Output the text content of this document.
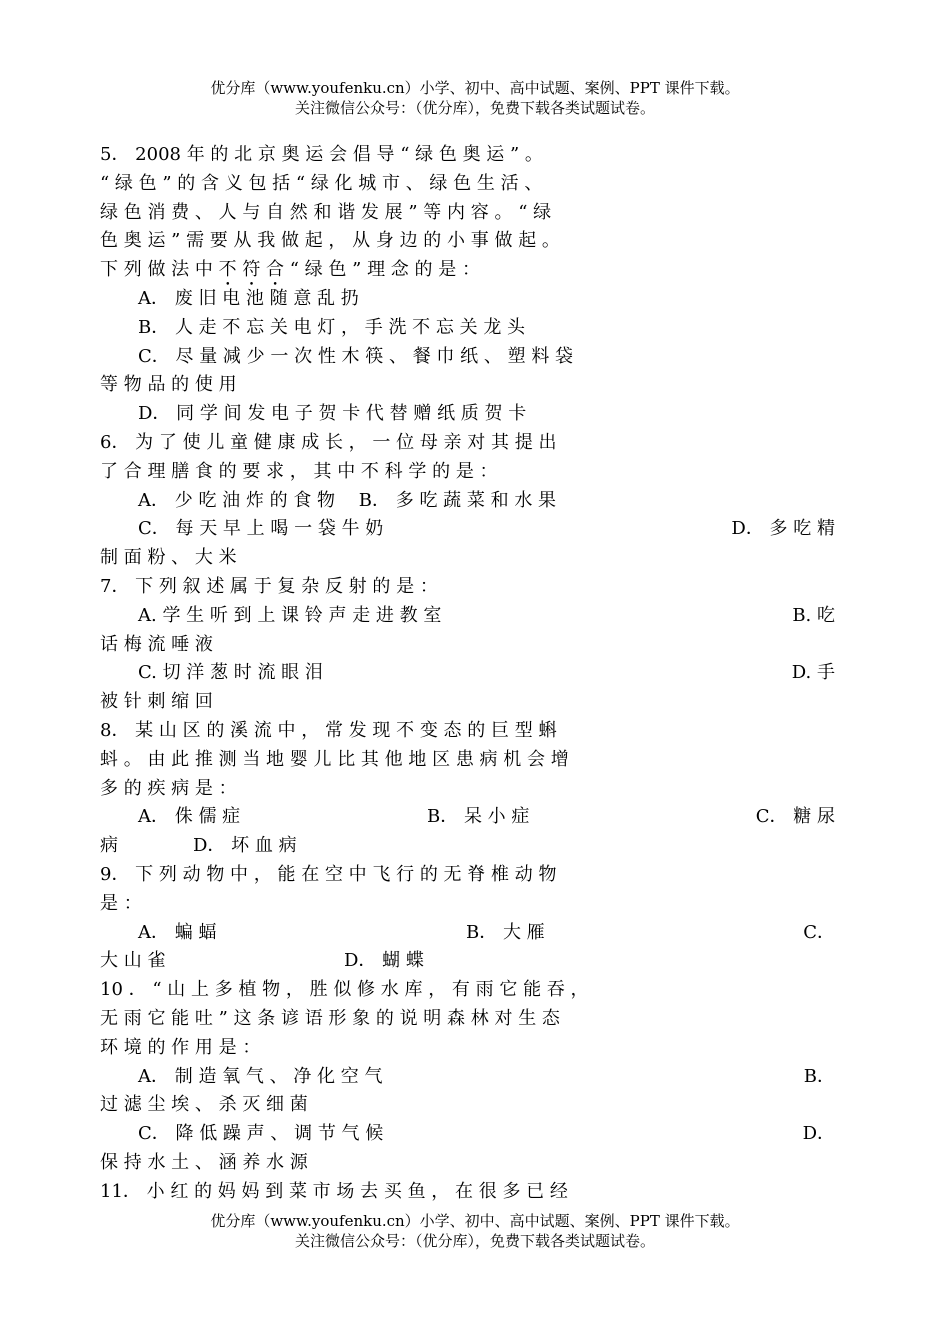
优分库（www.youfenku.cn）小学、初中、高中试题、案例、PPT 课件下载。
关注微信公众号：（优分库），免费下载各类试题试卷。
5． 2008 年 的 北 京 奥 运 会 倡 导 “ 绿 色 奥 运 ” 。
“ 绿 色 ” 的 含 义 包 括 “ 绿 化 城 市 、 绿 色 生 活 、
绿 色 消 费 、 人 与 自 然 和 谐 发 展 ” 等 内 容 。 “ 绿
色 奥 运 ” 需 要 从 我 做 起 ， 从 身 边 的 小 事 做 起 。
下 列 做 法 中 不 符 合 “ 绿 色 ” 理 念 的 是 ：
A． 废 旧 电 池 随 意 乱 扔
B． 人 走 不 忘 关 电 灯 ， 手 洗 不 忘 关 龙 头
C． 尽 量 减 少 一 次 性 木 筷 、 餐 巾 纸 、 塑 料 袋
等 物 品 的 使 用
D． 同 学 间 发 电 子 贺 卡 代 替 赠 纸 质 贺 卡
6． 为 了 使 儿 童 健 康 成 长 ， 一 位 母 亲 对 其 提 出
了 合 理 膳 食 的 要 求 ， 其 中 不 科 学 的 是 ：
A． 少 吃 油 炸 的 食 物 　B． 多 吃 蔬 菜 和 水 果
C． 每 天 早 上 喝 一 袋 牛 奶	D． 多 吃 精
制 面 粉 、 大 米
7． 下 列 叙 述 属 于 复 杂 反 射 的 是 ：
A. 学 生 听 到 上 课 铃 声 走 进 教 室	B. 吃
话 梅 流 唾 液
C. 切 洋 葱 时 流 眼 泪	D. 手
被 针 刺 缩 回
8． 某 山 区 的 溪 流 中 ， 常 发 现 不 变 态 的 巨 型 蝌
蚪 。 由 此 推 测 当 地 婴 儿 比 其 他 地 区 患 病 机 会 增
多 的 疾 病 是 ：
A． 侏 儒 症	B． 呆 小 症	C． 糖 尿
病	D． 坏 血 病
9． 下 列 动 物 中 ， 能 在 空 中 飞 行 的 无 脊 椎 动 物
是 ：
A． 蝙 蝠	B． 大 雁	C．
大 山 雀	D． 蝴 蝶
10 ． “ 山 上 多 植 物 ， 胜 似 修 水 库 ， 有 雨 它 能 吞 ，
无 雨 它 能 吐 ” 这 条 谚 语 形 象 的 说 明 森 林 对 生 态
环 境 的 作 用 是 ：
A． 制 造 氧 气 、 净 化 空 气	B．
过 滤 尘 埃 、 杀 灭 细 菌
C． 降 低 躁 声 、 调 节 气 候	D．
保 持 水 土 、 涵 养 水 源
11． 小 红 的 妈 妈 到 菜 市 场 去 买 鱼 ， 在 很 多 已 经
优分库（www.youfenku.cn）小学、初中、高中试题、案例、PPT 课件下载。
关注微信公众号：（优分库），免费下载各类试题试卷。
